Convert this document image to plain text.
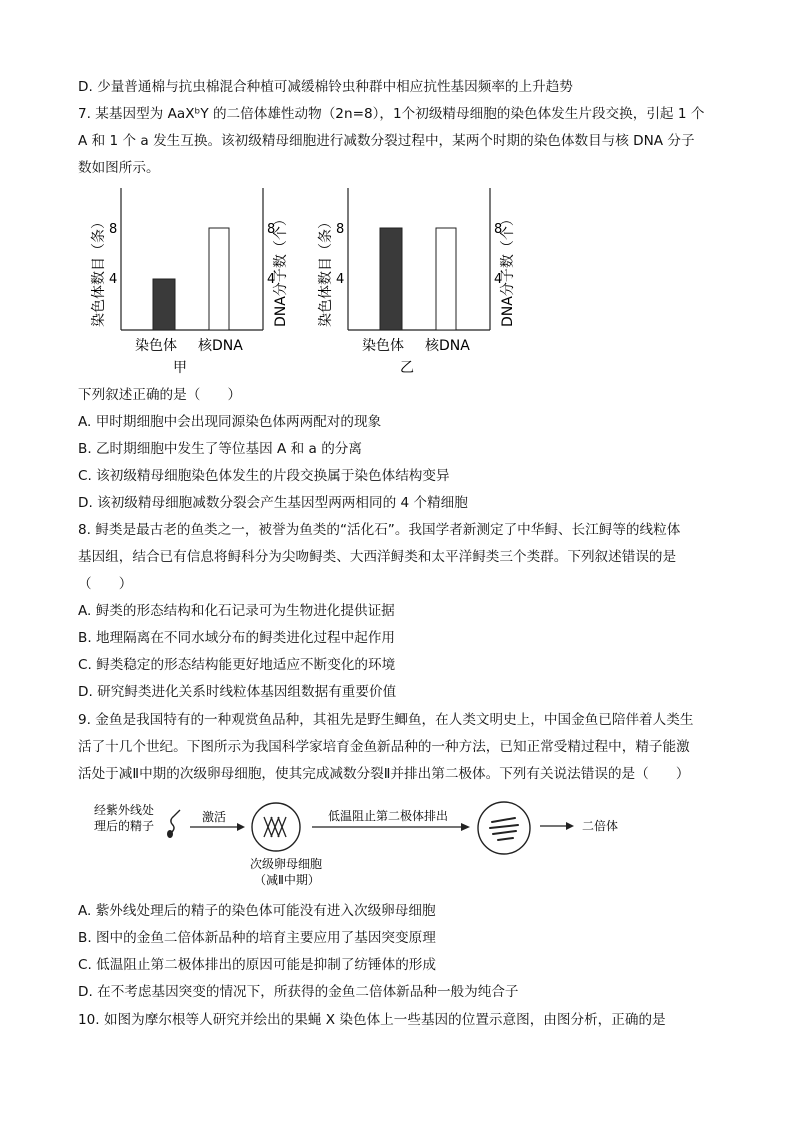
D. 少量普通棉与抗虫棉混合种植可减缓棉铃虫种群中相应抗性基因频率的上升趋势
7. 某基因型为 AaXᵇY 的二倍体雄性动物（2n=8），1个初级精母细胞的染色体发生片段交换，引起 1 个
A 和 1 个 a 发生互换。该初级精母细胞进行减数分裂过程中，某两个时期的染色体数目与核 DNA 分子
数如图所示。
染色体数目（条） 8
4
8
4
DNA分子数（个）
染色体 核DNA
甲
染色体数目（条） 8
4
8
4
DNA分子数（个）
染色体 核DNA
乙
下列叙述正确的是（　　）
A. 甲时期细胞中会出现同源染色体两两配对的现象
B. 乙时期细胞中发生了等位基因 A 和 a 的分离
C. 该初级精母细胞染色体发生的片段交换属于染色体结构变异
D. 该初级精母细胞减数分裂会产生基因型两两相同的 4 个精细胞
8. 鲟类是最古老的鱼类之一，被誉为鱼类的“活化石”。我国学者新测定了中华鲟、长江鲟等的线粒体
基因组，结合已有信息将鲟科分为尖吻鲟类、大西洋鲟类和太平洋鲟类三个类群。下列叙述错误的是
（　　）
A. 鲟类的形态结构和化石记录可为生物进化提供证据
B. 地理隔离在不同水域分布的鲟类进化过程中起作用
C. 鲟类稳定的形态结构能更好地适应不断变化的环境
D. 研究鲟类进化关系时线粒体基因组数据有重要价值
9. 金鱼是我国特有的一种观赏鱼品种，其祖先是野生鲫鱼，在人类文明史上，中国金鱼已陪伴着人类生
活了十几个世纪。下图所示为我国科学家培育金鱼新品种的一种方法，已知正常受精过程中，精子能激
活处于减Ⅱ中期的次级卵母细胞，使其完成减数分裂Ⅱ并排出第二极体。下列有关说法错误的是（　　）
经紫外线处
理后的精子
激活
次级卵母细胞
（减Ⅱ中期）
低温阻止第二极体排出
二倍体
A. 紫外线处理后的精子的染色体可能没有进入次级卵母细胞
B. 图中的金鱼二倍体新品种的培育主要应用了基因突变原理
C. 低温阻止第二极体排出的原因可能是抑制了纺锤体的形成
D. 在不考虑基因突变的情况下，所获得的金鱼二倍体新品种一般为纯合子
10. 如图为摩尔根等人研究并绘出的果蝇 X 染色体上一些基因的位置示意图，由图分析，正确的是
